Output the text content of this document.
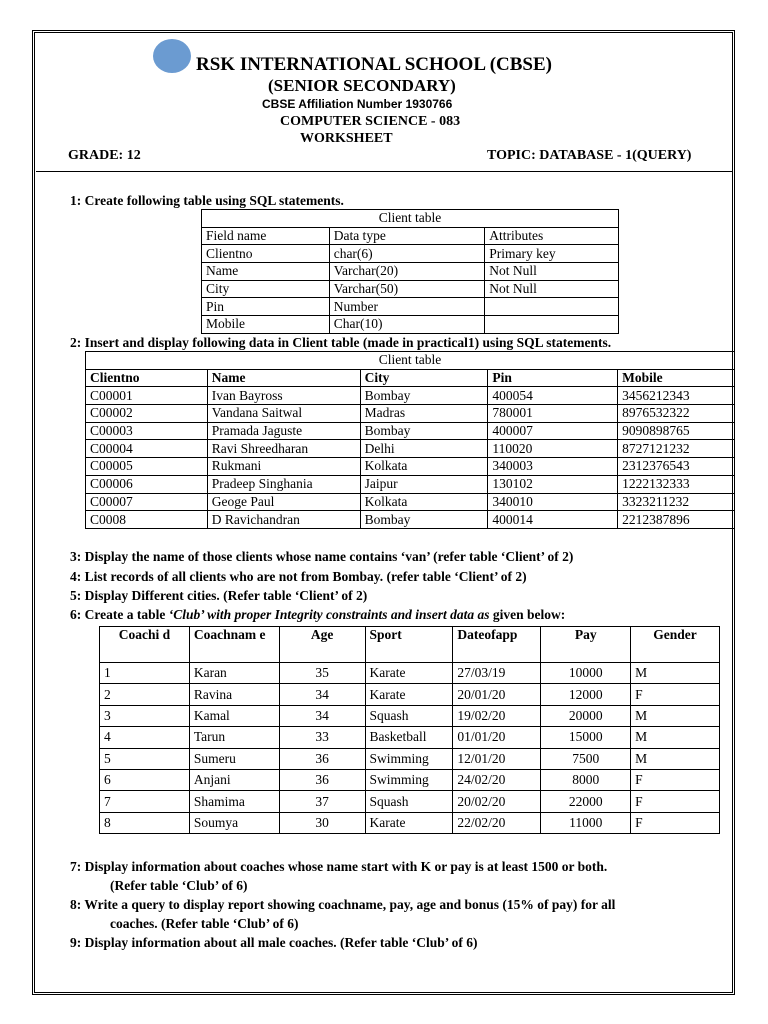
RSK INTERNATIONAL SCHOOL (CBSE)
(SENIOR SECONDARY)
CBSE Affiliation Number 1930766
COMPUTER SCIENCE - 083
WORKSHEET
GRADE: 12	TOPIC: DATABASE - 1(QUERY)
1: Create following table using SQL statements.
Client table		
Field name	Data type	Attributes
Clientno	char(6)	Primary key
Name	Varchar(20)	Not Null
City	Varchar(50)	Not Null
Pin	Number	
Mobile	Char(10)	
2: Insert and display following data in Client table (made in practical1) using SQL statements.
Client table				
Clientno	Name	City	Pin	Mobile
C00001	Ivan Bayross	Bombay	400054	3456212343
C00002	Vandana Saitwal	Madras	780001	8976532322
C00003	Pramada Jaguste	Bombay	400007	9090898765
C00004	Ravi Shreedharan	Delhi	110020	8727121232
C00005	Rukmani	Kolkata	340003	2312376543
C00006	Pradeep Singhania	Jaipur	130102	1222132333
C00007	Geoge Paul	Kolkata	340010	3323211232
C0008	D Ravichandran	Bombay	400014	2212387896
3: Display the name of those clients whose name contains ‘van’ (refer table ‘Client’ of 2)
4: List records of all clients who are not from Bombay. (refer table ‘Client’ of 2)
5: Display Different cities. (Refer table ‘Client’ of 2)
6: Create a table ‘Club’ with proper Integrity constraints and insert data as given below:
Coachi d	Coachnam e	Age	Sport	Dateofapp	Pay	Gender
1	Karan	35	Karate	27/03/19	10000	M
2	Ravina	34	Karate	20/01/20	12000	F
3	Kamal	34	Squash	19/02/20	20000	M
4	Tarun	33	Basketball	01/01/20	15000	M
5	Sumeru	36	Swimming	12/01/20	7500	M
6	Anjani	36	Swimming	24/02/20	8000	F
7	Shamima	37	Squash	20/02/20	22000	F
8	Soumya	30	Karate	22/02/20	11000	F
7: Display information about coaches whose name start with K or pay is at least 1500 or both.
(Refer table ‘Club’ of 6)
8: Write a query to display report showing coachname, pay, age and bonus (15% of pay) for all
coaches. (Refer table ‘Club’ of 6)
9: Display information about all male coaches. (Refer table ‘Club’ of 6)
